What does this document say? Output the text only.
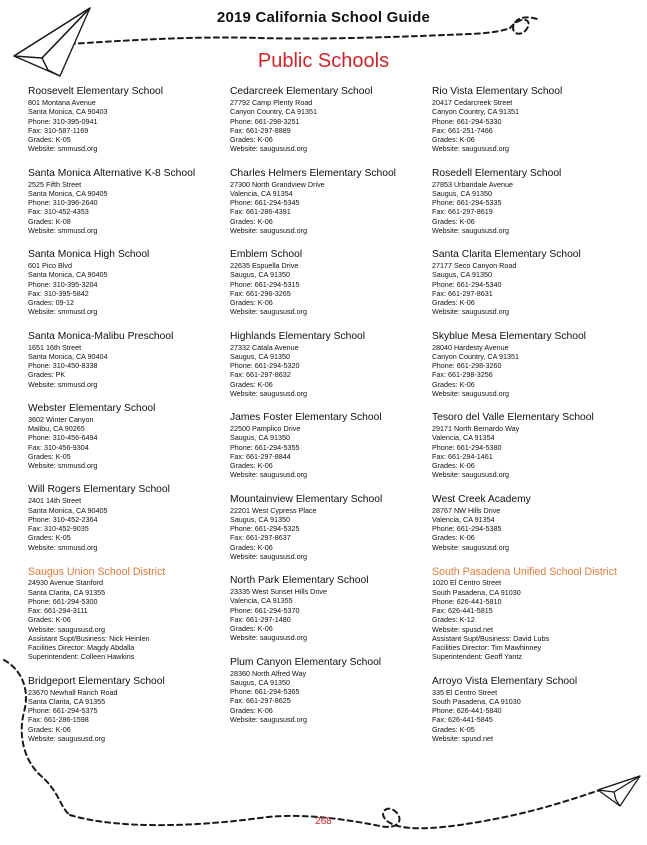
2019 California School Guide
Public Schools
Roosevelt Elementary School
801 Montana Avenue
Santa Monica, CA 90403
Phone: 310-395-0941
Fax: 310-587-1169
Grades: K-05
Website: smmusd.org
Santa Monica Alternative K-8 School
2525 Fifth Street
Santa Monica, CA 90405
Phone: 310-396-2640
Fax: 310-452-4353
Grades: K-08
Website: smmusd.org
Santa Monica High School
601 Pico Blvd
Santa Monica, CA 90405
Phone: 310-395-3204
Fax: 310-395-5842
Grades: 09-12
Website: smmusd.org
Santa Monica-Malibu Preschool
1651 16th Street
Santa Monica, CA 90404
Phone: 310-450-8338
Grades: PK
Website: smmusd.org
Webster Elementary School
3602 Winter Canyon
Malibu, CA 90265
Phone: 310-456-6494
Fax: 310-456-9304
Grades: K-05
Website: smmusd.org
Will Rogers Elementary School
2401 14th Street
Santa Monica, CA 90405
Phone: 310-452-2364
Fax: 310-452-9035
Grades: K-05
Website: smmusd.org
Saugus Union School District
24930 Avenue Stanford
Santa Clarita, CA 91355
Phone: 661-294-5300
Fax: 661-294-3111
Grades: K-06
Website: saugususd.org
Assistant Supt/Business: Nick Heinlen
Facilities Director: Magdy Abdalla
Superintendent: Colleen Hawkins
Bridgeport Elementary School
23670 Newhall Ranch Road
Santa Clarita, CA 91355
Phone: 661-294-5375
Fax: 661-286-1598
Grades: K-06
Website: saugususd.org
Cedarcreek Elementary School
27792 Camp Plenty Road
Canyon Country, CA 91351
Phone: 661-298-3251
Fax: 661-297-8889
Grades: K-06
Website: saugususd.org
Charles Helmers Elementary School
27300 North Grandview Drive
Valencia, CA 91354
Phone: 661-294-5345
Fax: 661-286-4391
Grades: K-06
Website: saugususd.org
Emblem School
22635 Espuella Drive
Saugus, CA 91350
Phone: 661-294-5315
Fax: 661-296-3265
Grades: K-06
Website: saugususd.org
Highlands Elementary School
27332 Catala Avenue
Saugus, CA 91350
Phone: 661-294-5320
Fax: 661-297-8632
Grades: K-06
Website: saugususd.org
James Foster Elementary School
22500 Pamplico Drive
Saugus, CA 91350
Phone: 661-294-5355
Fax: 661-297-8844
Grades: K-06
Website: saugususd.org
Mountainview Elementary School
22201 West Cypress Place
Saugus, CA 91350
Phone: 661-294-5325
Fax: 661-297-8637
Grades: K-06
Website: saugususd.org
North Park Elementary School
23335 West Sunset Hills Drive
Valencia, CA 91355
Phone: 661-294-5370
Fax: 661-297-1480
Grades: K-06
Website: saugususd.org
Plum Canyon Elementary School
28360 North Alfred Way
Saugus, CA 91350
Phone: 661-294-5365
Fax: 661-297-8625
Grades: K-06
Website: saugususd.org
Rio Vista Elementary School
20417 Cedarcreek Street
Canyon Country, CA 91351
Phone: 661-294-5330
Fax: 661-251-7466
Grades: K-06
Website: saugususd.org
Rosedell Elementary School
27853 Urbandale Avenue
Saugus, CA 91350
Phone: 661-294-5335
Fax: 661-297-8619
Grades: K-06
Website: saugususd.org
Santa Clarita Elementary School
27177 Seco Canyon Road
Saugus, CA 91350
Phone: 661-294-5340
Fax: 661-297-8631
Grades: K-06
Website: saugususd.org
Skyblue Mesa Elementary School
28040 Hardesty Avenue
Canyon Country, CA 91351
Phone: 661-298-3260
Fax: 661-298-3256
Grades: K-06
Website: saugususd.org
Tesoro del Valle Elementary School
29171 North Bernardo Way
Valencia, CA 91354
Phone: 661-294-5380
Fax: 661-294-1461
Grades: K-06
Website: saugususd.org
West Creek Academy
28767 NW Hills Drive
Valencia, CA 91354
Phone: 661-294-5385
Grades: K-06
Website: saugususd.org
South Pasadena Unified School District
1020 El Centro Street
South Pasadena, CA 91030
Phone: 626-441-5810
Fax: 626-441-5815
Grades: K-12
Website: spusd.net
Assistant Supt/Business: David Lubs
Facilities Director: Tim Mawhinney
Superintendent: Geoff Yantz
Arroyo Vista Elementary School
335 El Centro Street
South Pasadena, CA 91030
Phone: 626-441-5840
Fax: 626-441-5845
Grades: K-05
Website: spusd.net
268
